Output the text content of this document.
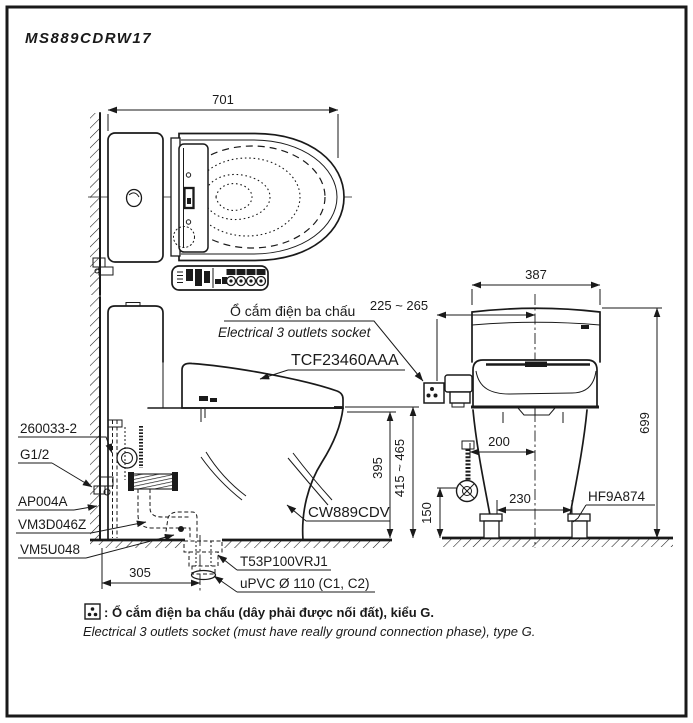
MS889CDRW17
701
305
395 415 ~ 465
387
699
225 ~ 265
200
230
150
HF9A874
Ổ cắm điện ba chấu
Electrical 3 outlets socket
TCF23460AAA
CW889CDV
T53P100VRJ1
uPVC Ø 110 (C1, C2)
260033-2
G1/2
AP004A
VM3D046Z
VM5U048
: Ổ cắm điện ba chấu (dây phải được nối đất), kiểu G.
Electrical 3 outlets socket (must have really ground connection phase), type G.
